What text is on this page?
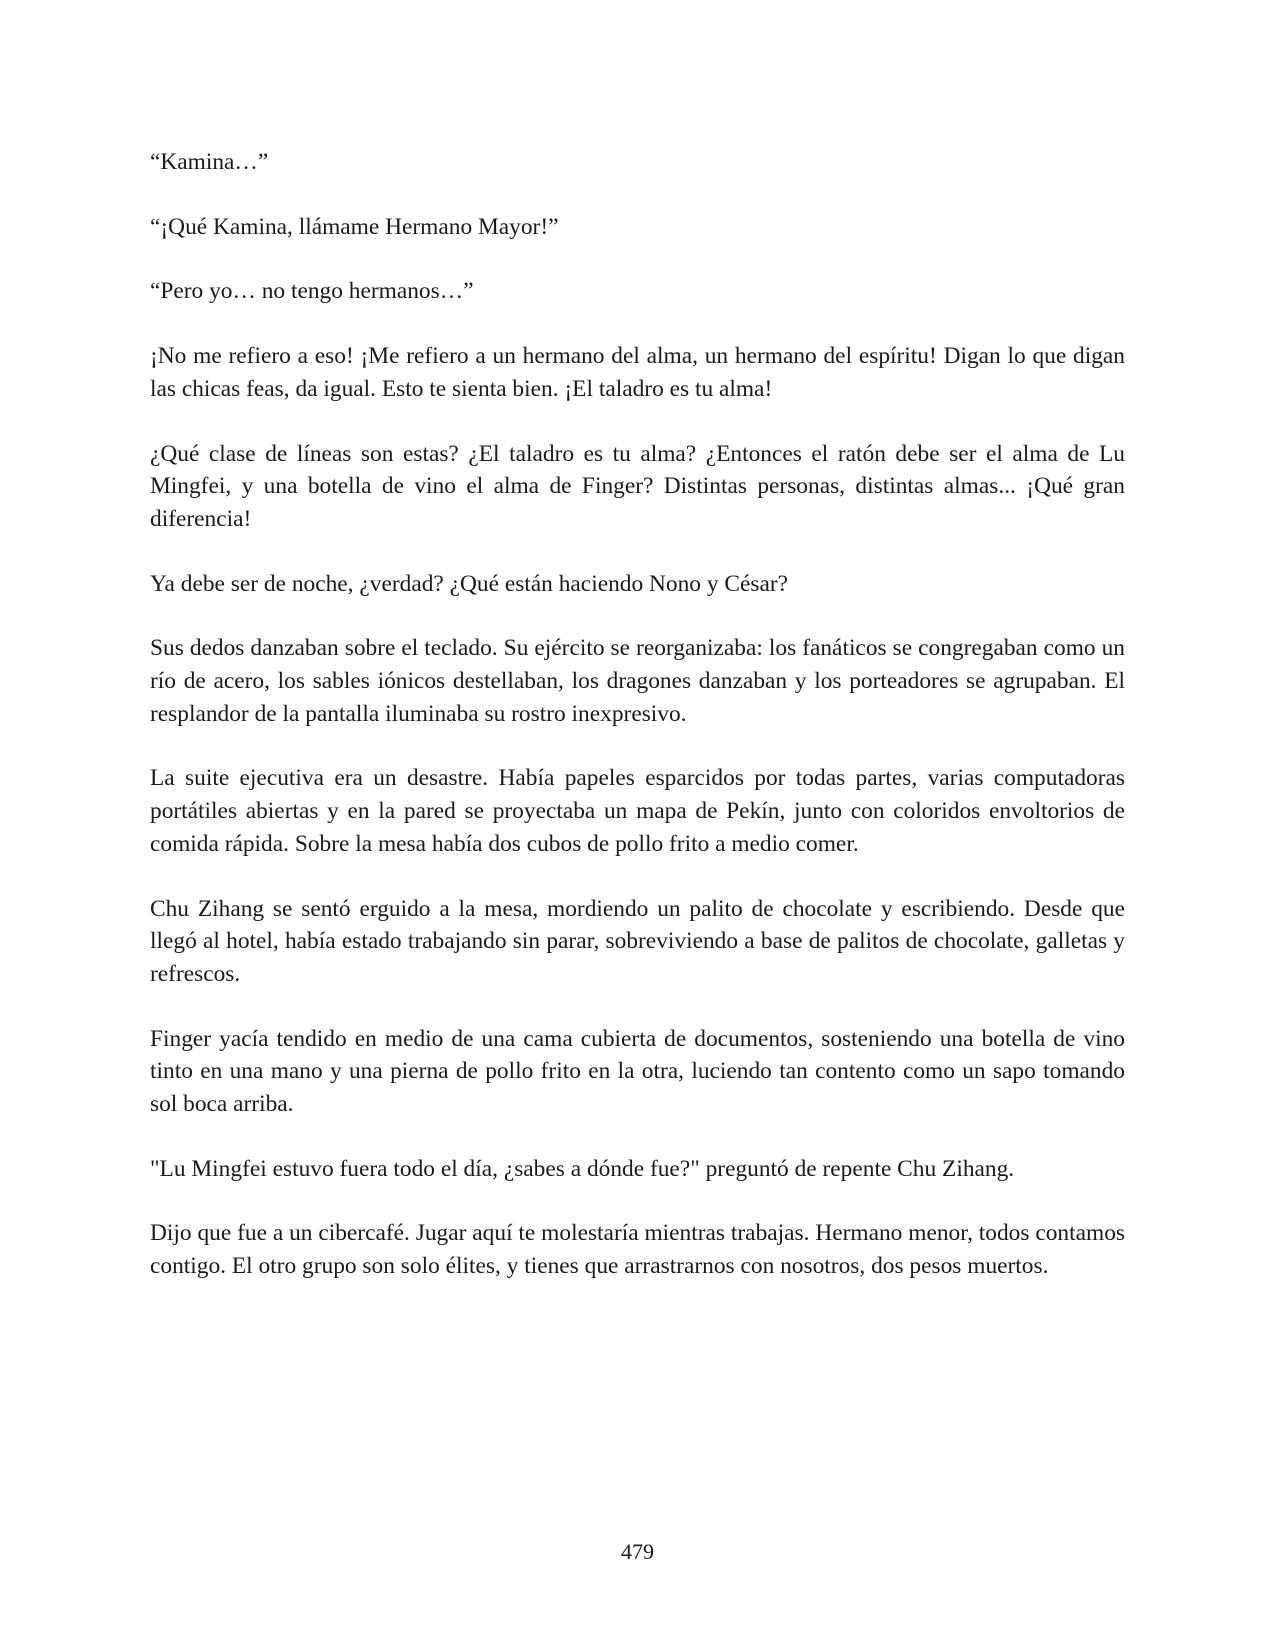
“Kamina…”

“¡Qué Kamina, llámame Hermano Mayor!”

“Pero yo… no tengo hermanos…”

¡No me refiero a eso! ¡Me refiero a un hermano del alma, un hermano del espíritu! Digan lo que digan las chicas feas, da igual. Esto te sienta bien. ¡El taladro es tu alma!

¿Qué clase de líneas son estas? ¿El taladro es tu alma? ¿Entonces el ratón debe ser el alma de Lu Mingfei, y una botella de vino el alma de Finger? Distintas personas, distintas almas... ¡Qué gran diferencia!

Ya debe ser de noche, ¿verdad? ¿Qué están haciendo Nono y César?

Sus dedos danzaban sobre el teclado. Su ejército se reorganizaba: los fanáticos se congregaban como un río de acero, los sables iónicos destellaban, los dragones danzaban y los porteadores se agrupaban. El resplandor de la pantalla iluminaba su rostro inexpresivo.

La suite ejecutiva era un desastre. Había papeles esparcidos por todas partes, varias computadoras portátiles abiertas y en la pared se proyectaba un mapa de Pekín, junto con coloridos envoltorios de comida rápida. Sobre la mesa había dos cubos de pollo frito a medio comer.

Chu Zihang se sentó erguido a la mesa, mordiendo un palito de chocolate y escribiendo. Desde que llegó al hotel, había estado trabajando sin parar, sobreviviendo a base de palitos de chocolate, galletas y refrescos.

Finger yacía tendido en medio de una cama cubierta de documentos, sosteniendo una botella de vino tinto en una mano y una pierna de pollo frito en la otra, luciendo tan contento como un sapo tomando sol boca arriba.

"Lu Mingfei estuvo fuera todo el día, ¿sabes a dónde fue?" preguntó de repente Chu Zihang.

Dijo que fue a un cibercafé. Jugar aquí te molestaría mientras trabajas. Hermano menor, todos contamos contigo. El otro grupo son solo élites, y tienes que arrastrarnos con nosotros, dos pesos muertos.

479
